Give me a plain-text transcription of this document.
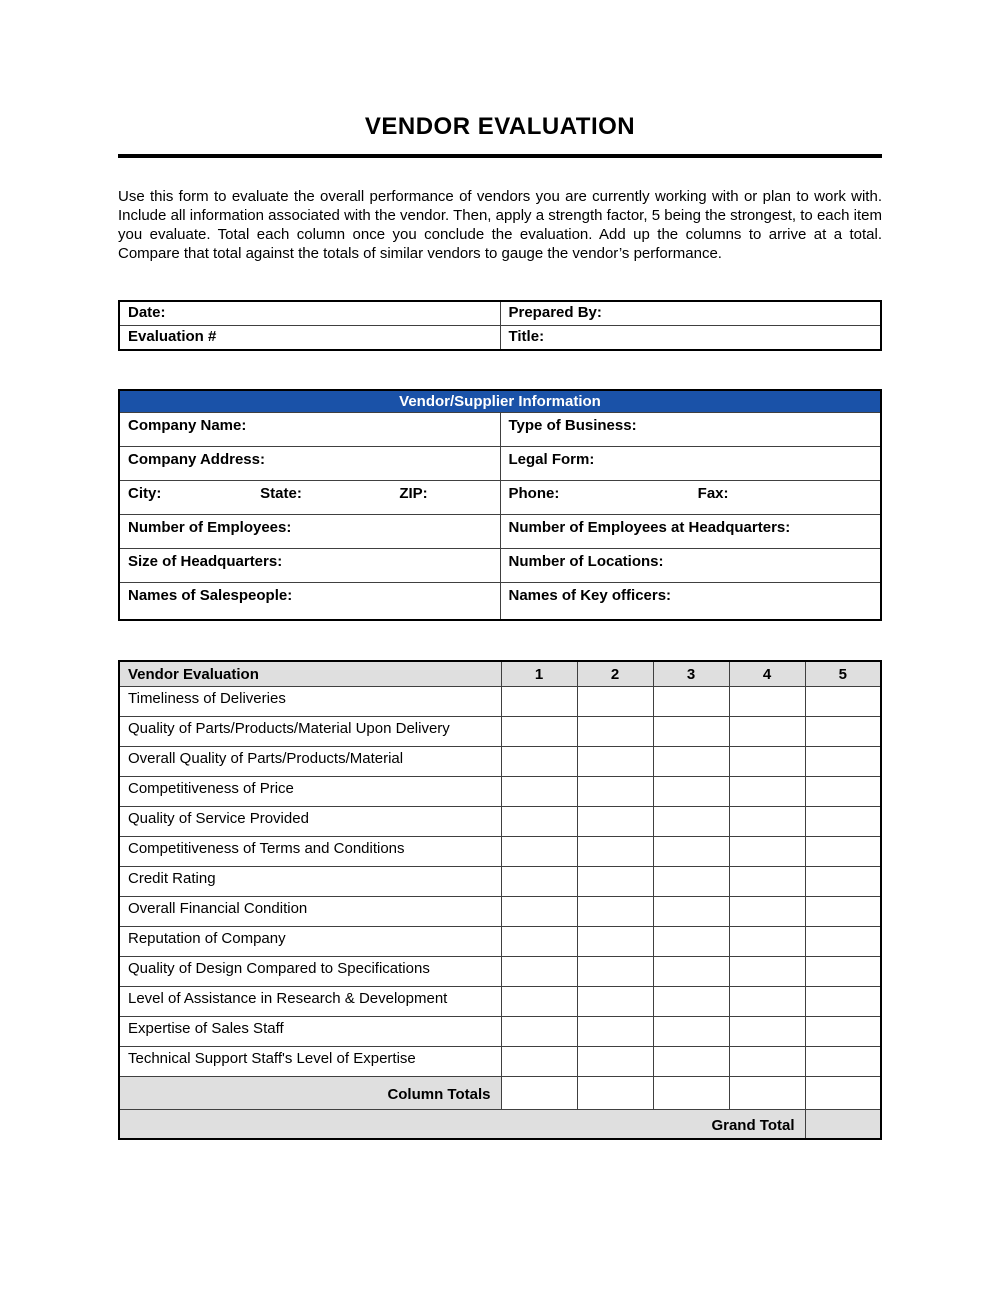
VENDOR EVALUATION

Use this form to evaluate the overall performance of vendors you are currently working with or plan to work with. Include all information associated with the vendor. Then, apply a strength factor, 5 being the strongest, to each item you evaluate. Total each column once you conclude the evaluation. Add up the columns to arrive at a total. Compare that total against the totals of similar vendors to gauge the vendor’s performance.

Date:	Prepared By:
Evaluation #	Title:
Vendor/Supplier Information	
Company Name:	Type of Business:
Company Address:	Legal Form:
City: State: ZIP:	Phone: Fax:
Number of Employees:	Number of Employees at Headquarters:
Size of Headquarters:	Number of Locations:
Names of Salespeople:	Names of Key officers:
Vendor Evaluation	1	2	3	4	5
Timeliness of Deliveries					
Quality of Parts/Products/Material Upon Delivery					
Overall Quality of Parts/Products/Material					
Competitiveness of Price					
Quality of Service Provided					
Competitiveness of Terms and Conditions					
Credit Rating					
Overall Financial Condition					
Reputation of Company					
Quality of Design Compared to Specifications					
Level of Assistance in Research & Development					
Expertise of Sales Staff					
Technical Support Staff's Level of Expertise					
Column Totals					
Grand Total					
